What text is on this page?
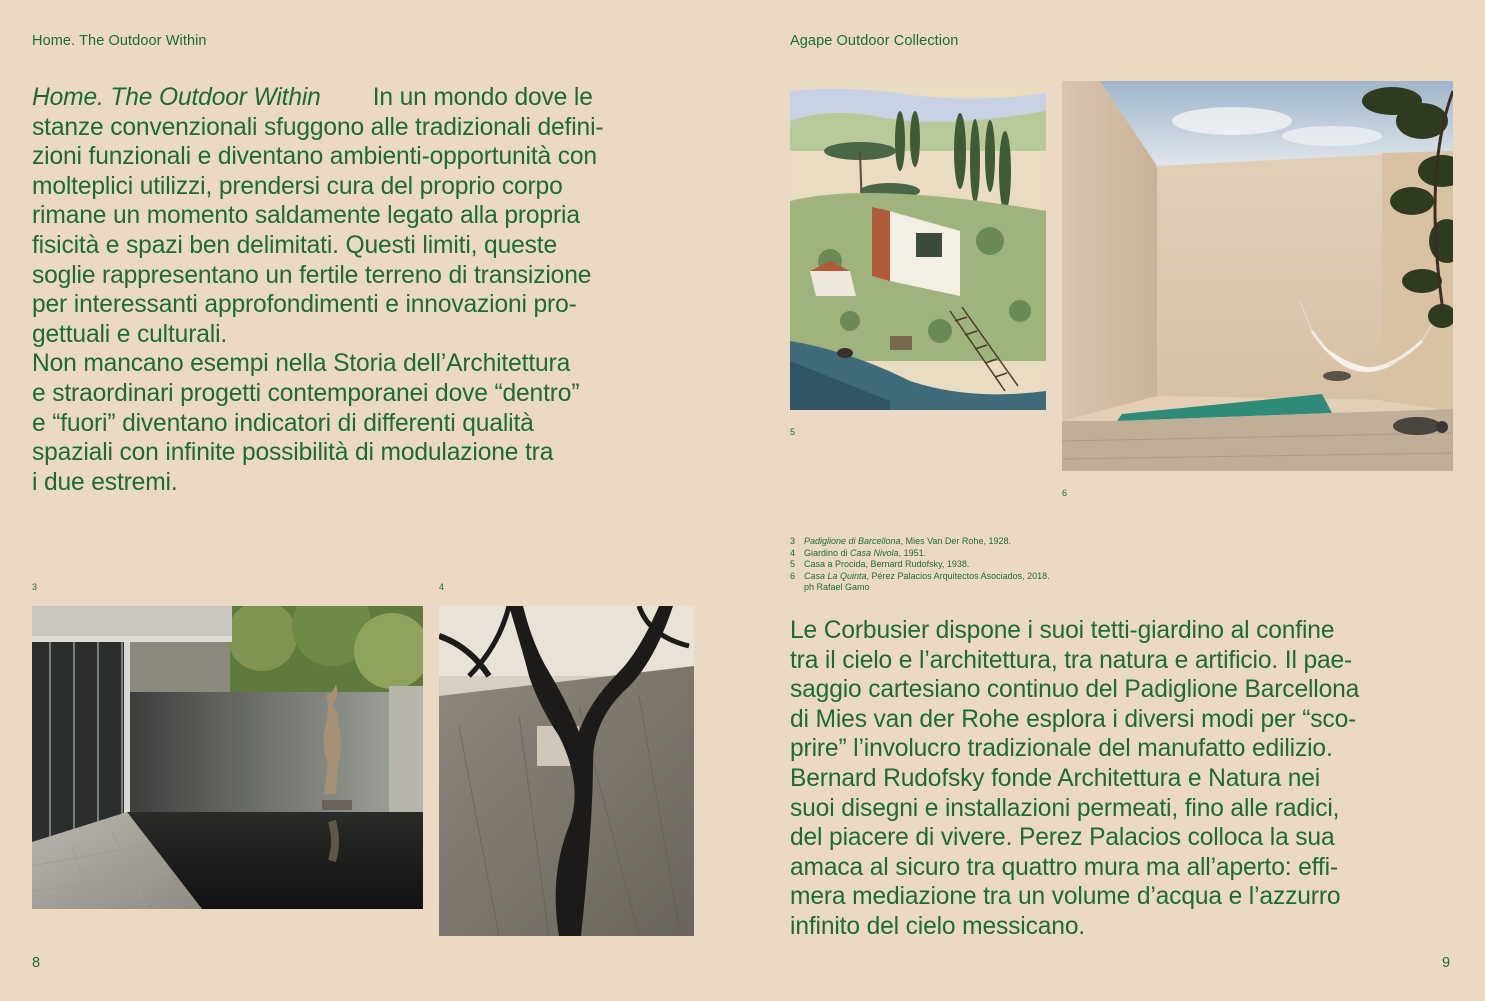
Home. The Outdoor Within
Home. The Outdoor Within In un mondo dove le
stanze convenzionali sfuggono alle tradizionali defini-
zioni funzionali e diventano ambienti-opportunità con
molteplici utilizzi, prendersi cura del proprio corpo
rimane un momento saldamente legato alla propria
fisicità e spazi ben delimitati. Questi limiti, queste
soglie rappresentano un fertile terreno di transizione
per interessanti approfondimenti e innovazioni pro-
gettuali e culturali.
Non mancano esempi nella Storia dell’Architettura
e straordinari progetti contemporanei dove “dentro”
e “fuori” diventano indicatori di differenti qualità
spaziali con infinite possibilità di modulazione tra
i due estremi.
3	4
8
Agape Outdoor Collection
5
6
3 Padiglione di Barcellona, Mies Van Der Rohe, 1928.
4 Giardino di Casa Nivola, 1951.
5 Casa a Procida, Bernard Rudofsky, 1938.
6 Casa La Quinta, Pérez Palacios Arquitectos Asociados, 2018.
ph Rafael Gamo
Le Corbusier dispone i suoi tetti-giardino al confine
tra il cielo e l’architettura, tra natura e artificio. Il pae-
saggio cartesiano continuo del Padiglione Barcellona
di Mies van der Rohe esplora i diversi modi per “sco-
prire” l’involucro tradizionale del manufatto edilizio.
Bernard Rudofsky fonde Architettura e Natura nei
suoi disegni e installazioni permeati, fino alle radici,
del piacere di vivere. Perez Palacios colloca la sua
amaca al sicuro tra quattro mura ma all’aperto: effi-
mera mediazione tra un volume d’acqua e l’azzurro
infinito del cielo messicano.
9
